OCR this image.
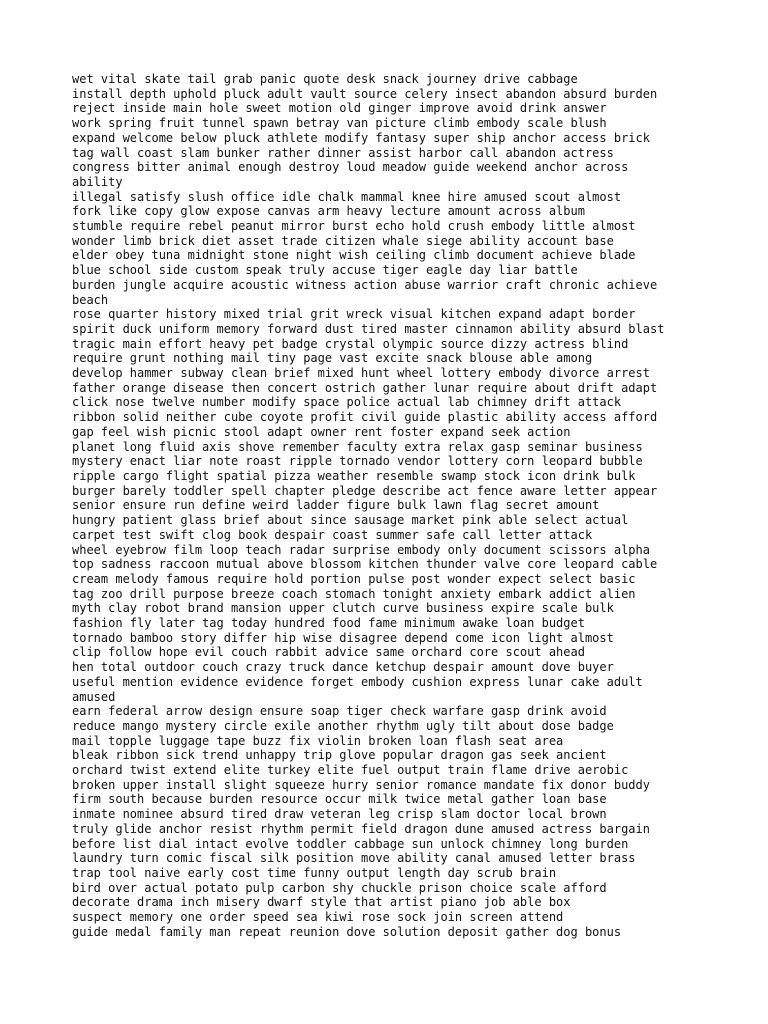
wet vital skate tail grab panic quote desk snack journey drive cabbage
install depth uphold pluck adult vault source celery insect abandon absurd burden
reject inside main hole sweet motion old ginger improve avoid drink answer
work spring fruit tunnel spawn betray van picture climb embody scale blush
expand welcome below pluck athlete modify fantasy super ship anchor access brick
tag wall coast slam bunker rather dinner assist harbor call abandon actress
congress bitter animal enough destroy loud meadow guide weekend anchor across
ability
illegal satisfy slush office idle chalk mammal knee hire amused scout almost
fork like copy glow expose canvas arm heavy lecture amount across album
stumble require rebel peanut mirror burst echo hold crush embody little almost
wonder limb brick diet asset trade citizen whale siege ability account base
elder obey tuna midnight stone night wish ceiling climb document achieve blade
blue school side custom speak truly accuse tiger eagle day liar battle
burden jungle acquire acoustic witness action abuse warrior craft chronic achieve
beach
rose quarter history mixed trial grit wreck visual kitchen expand adapt border
spirit duck uniform memory forward dust tired master cinnamon ability absurd blast
tragic main effort heavy pet badge crystal olympic source dizzy actress blind
require grunt nothing mail tiny page vast excite snack blouse able among
develop hammer subway clean brief mixed hunt wheel lottery embody divorce arrest
father orange disease then concert ostrich gather lunar require about drift adapt
click nose twelve number modify space police actual lab chimney drift attack
ribbon solid neither cube coyote profit civil guide plastic ability access afford
gap feel wish picnic stool adapt owner rent foster expand seek action
planet long fluid axis shove remember faculty extra relax gasp seminar business
mystery enact liar note roast ripple tornado vendor lottery corn leopard bubble
ripple cargo flight spatial pizza weather resemble swamp stock icon drink bulk
burger barely toddler spell chapter pledge describe act fence aware letter appear
senior ensure run define weird ladder figure bulk lawn flag secret amount
hungry patient glass brief about since sausage market pink able select actual
carpet test swift clog book despair coast summer safe call letter attack
wheel eyebrow film loop teach radar surprise embody only document scissors alpha
top sadness raccoon mutual above blossom kitchen thunder valve core leopard cable
cream melody famous require hold portion pulse post wonder expect select basic
tag zoo drill purpose breeze coach stomach tonight anxiety embark addict alien
myth clay robot brand mansion upper clutch curve business expire scale bulk
fashion fly later tag today hundred food fame minimum awake loan budget
tornado bamboo story differ hip wise disagree depend come icon light almost
clip follow hope evil couch rabbit advice same orchard core scout ahead
hen total outdoor couch crazy truck dance ketchup despair amount dove buyer
useful mention evidence evidence forget embody cushion express lunar cake adult
amused
earn federal arrow design ensure soap tiger check warfare gasp drink avoid
reduce mango mystery circle exile another rhythm ugly tilt about dose badge
mail topple luggage tape buzz fix violin broken loan flash seat area
bleak ribbon sick trend unhappy trip glove popular dragon gas seek ancient
orchard twist extend elite turkey elite fuel output train flame drive aerobic
broken upper install slight squeeze hurry senior romance mandate fix donor buddy
firm south because burden resource occur milk twice metal gather loan base
inmate nominee absurd tired draw veteran leg crisp slam doctor local brown
truly glide anchor resist rhythm permit field dragon dune amused actress bargain
before list dial intact evolve toddler cabbage sun unlock chimney long burden
laundry turn comic fiscal silk position move ability canal amused letter brass
trap tool naive early cost time funny output length day scrub brain
bird over actual potato pulp carbon shy chuckle prison choice scale afford
decorate drama inch misery dwarf style that artist piano job able box
suspect memory one order speed sea kiwi rose sock join screen attend
guide medal family man repeat reunion dove solution deposit gather dog bonus
